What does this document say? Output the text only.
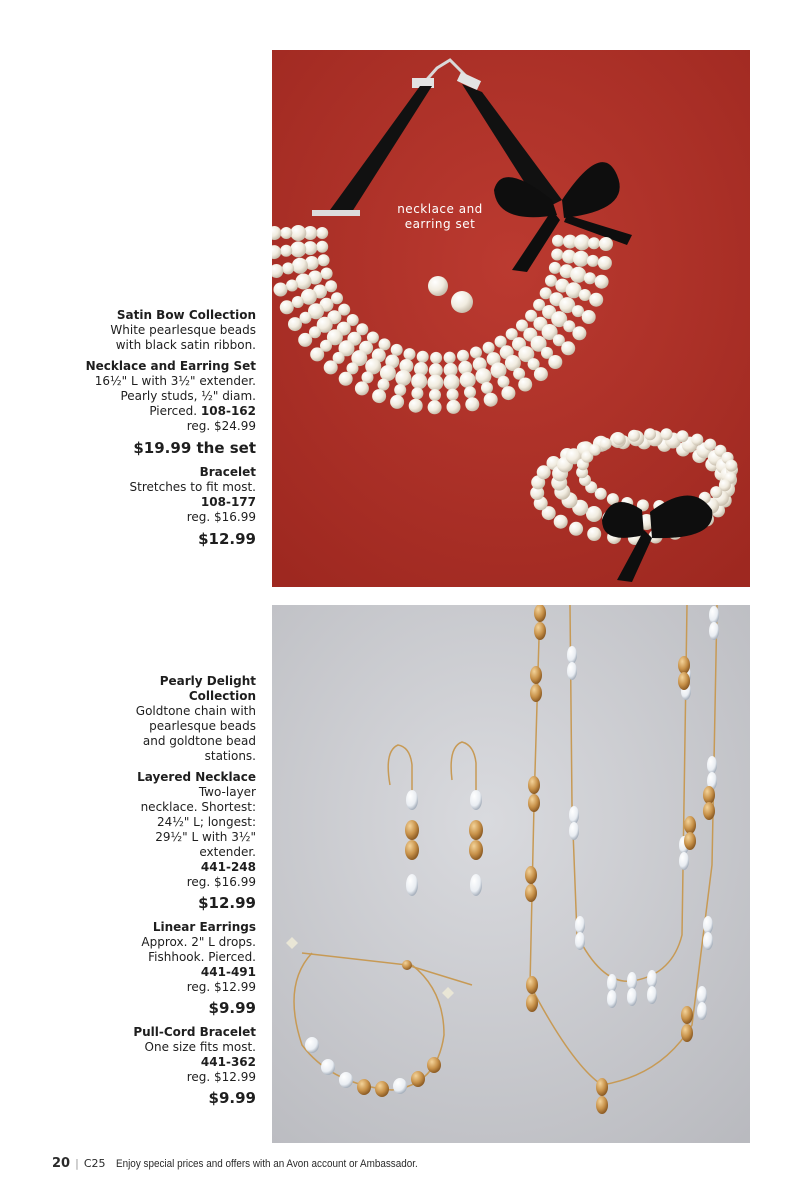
Satin Bow Collection
White pearlesque beads
with black satin ribbon.
Necklace and Earring Set
16½" L with 3½" extender.
Pearly studs, ½" diam.
Pierced. 108-162
reg. $24.99
$19.99 the set
Bracelet
Stretches to fit most.
108-177
reg. $16.99
$12.99
necklace and
earring set
Pearly Delight
Collection
Goldtone chain with
pearlesque beads
and goldtone bead
stations.
Layered Necklace
Two-layer
necklace. Shortest:
24½" L; longest:
29½" L with 3½"
extender.
441-248
reg. $16.99
$12.99
Linear Earrings
Approx. 2" L drops.
Fishhook. Pierced.
441-491
reg. $12.99
$9.99
Pull-Cord Bracelet
One size fits most.
441-362
reg. $12.99
$9.99
20 | C25 Enjoy special prices and offers with an Avon account or Ambassador.
